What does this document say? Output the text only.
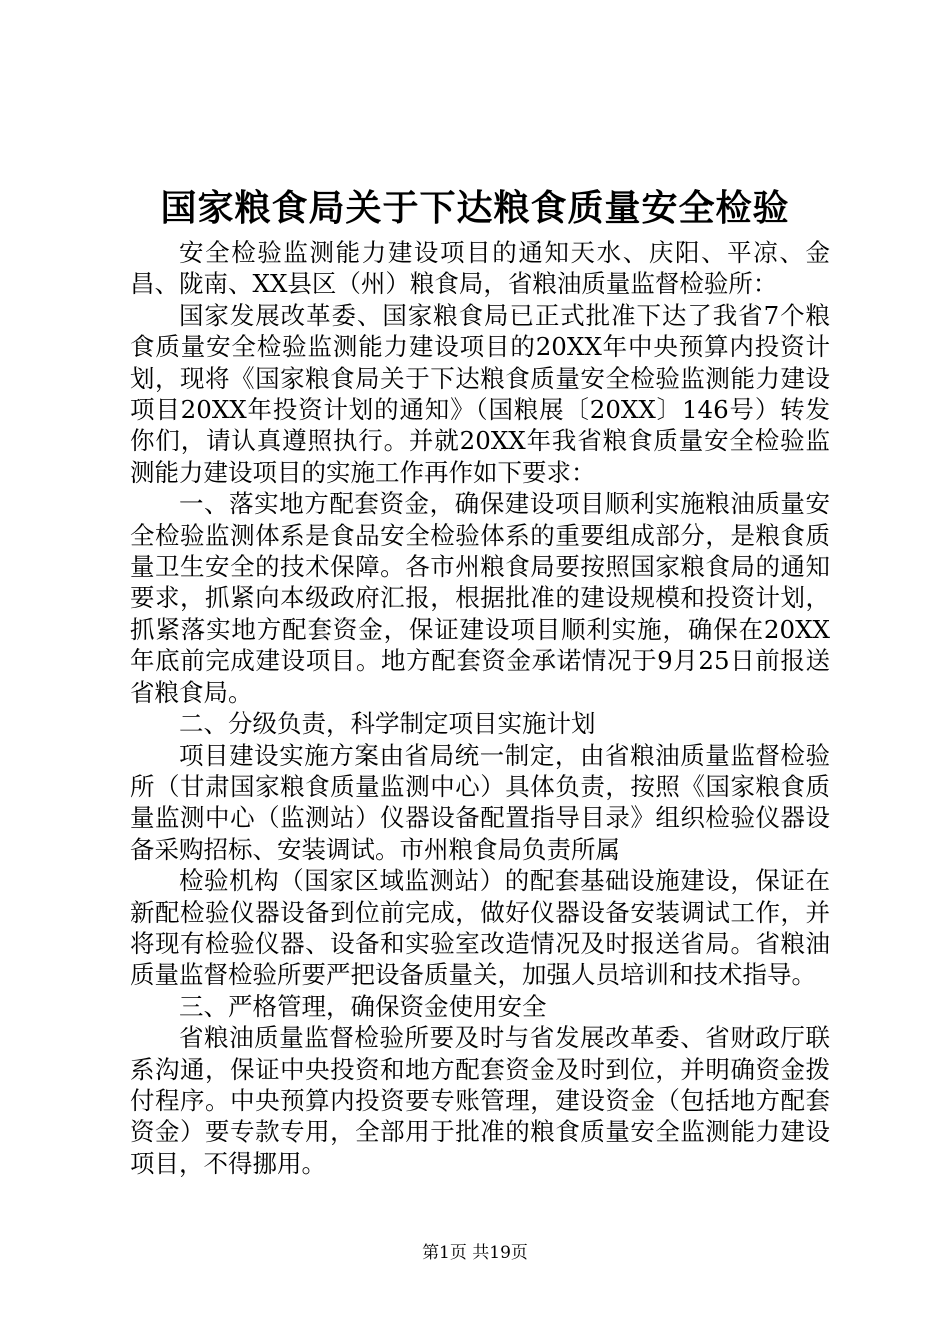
国家粮食局关于下达粮食质量安全检验

安全检验监测能力建设项目的通知天水、庆阳、平凉、金昌、陇南、XX县区（州）粮食局，省粮油质量监督检验所：

国家发展改革委、国家粮食局已正式批准下达了我省7个粮食质量安全检验监测能力建设项目的20XX年中央预算内投资计划，现将《国家粮食局关于下达粮食质量安全检验监测能力建设项目20XX年投资计划的通知》（国粮展〔20XX〕146号）转发你们，请认真遵照执行。并就20XX年我省粮食质量安全检验监测能力建设项目的实施工作再作如下要求：

一、落实地方配套资金，确保建设项目顺利实施粮油质量安全检验监测体系是食品安全检验体系的重要组成部分，是粮食质量卫生安全的技术保障。各市州粮食局要按照国家粮食局的通知要求，抓紧向本级政府汇报，根据批准的建设规模和投资计划，抓紧落实地方配套资金，保证建设项目顺利实施，确保在20XX年底前完成建设项目。地方配套资金承诺情况于9月25日前报送省粮食局。

二、分级负责，科学制定项目实施计划

项目建设实施方案由省局统一制定，由省粮油质量监督检验所（甘肃国家粮食质量监测中心）具体负责，按照《国家粮食质量监测中心（监测站）仪器设备配置指导目录》组织检验仪器设备采购招标、安装调试。市州粮食局负责所属

检验机构（国家区域监测站）的配套基础设施建设，保证在新配检验仪器设备到位前完成，做好仪器设备安装调试工作，并将现有检验仪器、设备和实验室改造情况及时报送省局。省粮油质量监督检验所要严把设备质量关，加强人员培训和技术指导。

三、严格管理，确保资金使用安全

省粮油质量监督检验所要及时与省发展改革委、省财政厅联系沟通，保证中央投资和地方配套资金及时到位，并明确资金拨付程序。中央预算内投资要专账管理，建设资金（包括地方配套资金）要专款专用，全部用于批准的粮食质量安全监测能力建设项目，不得挪用。

第1页 共19页
